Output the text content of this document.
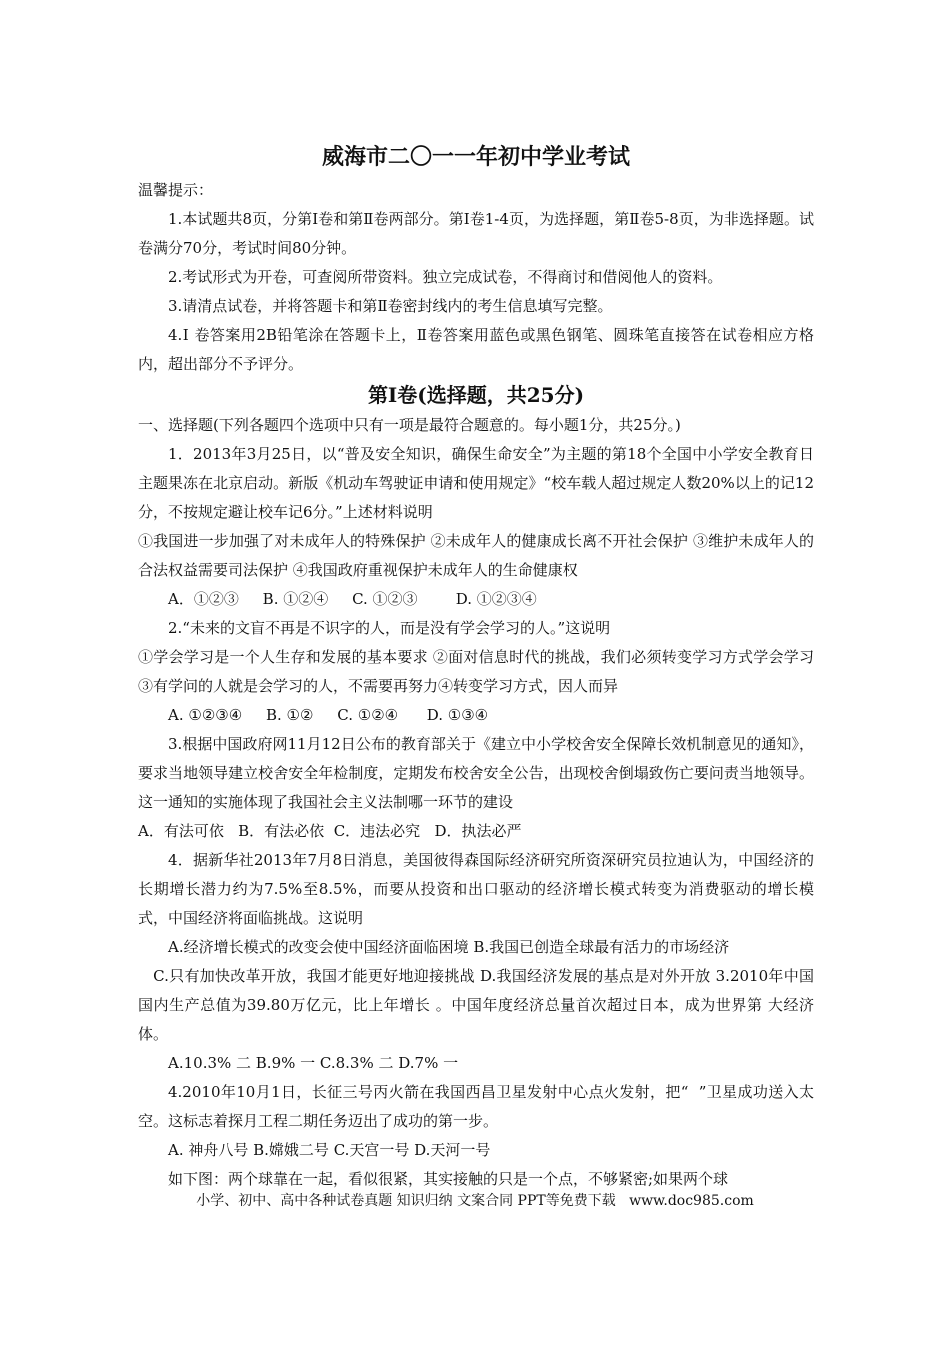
威海市二〇一一年初中学业考试

温馨提示：

1.本试题共8页，分第Ⅰ卷和第Ⅱ卷两部分。第Ⅰ卷1-4页，为选择题，第Ⅱ卷5-8页，为非选择题。试卷满分70分，考试时间80分钟。

2.考试形式为开卷，可查阅所带资料。独立完成试卷，不得商讨和借阅他人的资料。

3.请清点试卷，并将答题卡和第Ⅱ卷密封线内的考生信息填写完整。

4.Ⅰ 卷答案用2B铅笔涂在答题卡上，Ⅱ卷答案用蓝色或黑色钢笔、圆珠笔直接答在试卷相应方格内，超出部分不予评分。

第Ⅰ卷(选择题，共25分)

一、选择题(下列各题四个选项中只有一项是最符合题意的。每小题1分，共25分。)

1．2013年3月25日，以“普及安全知识，确保生命安全”为主题的第18个全国中小学安全教育日主题果冻在北京启动。新版《机动车驾驶证申请和使用规定》“校车载人超过规定人数20%以上的记12分，不按规定避让校车记6分。”上述材料说明

①我国进一步加强了对未成年人的特殊保护 ②未成年人的健康成长离不开社会保护 ③维护未成年人的合法权益需要司法保护 ④我国政府重视保护未成年人的生命健康权

A．①②③     B. ①②④     C. ①②③        D. ①②③④

2.“未来的文盲不再是不识字的人，而是没有学会学习的人。”这说明

①学会学习是一个人生存和发展的基本要求 ②面对信息时代的挑战，我们必须转变学习方式学会学习 ③有学问的人就是会学习的人，不需要再努力④转变学习方式，因人而异

A. ①②③④     B. ①②     C. ①②④      D. ①③④

3.根据中国政府网11月12日公布的教育部关于《建立中小学校舍安全保障长效机制意见的通知》，要求当地领导建立校舍安全年检制度，定期发布校舍安全公告，出现校舍倒塌致伤亡要问责当地领导。 这一通知的实施体现了我国社会主义法制哪一环节的建设

A．有法可依   B．有法必依  C．违法必究   D．执法必严

4．据新华社2013年7月8日消息，美国彼得森国际经济研究所资深研究员拉迪认为，中国经济的长期增长潜力约为7.5%至8.5%，而要从投资和出口驱动的经济增长模式转变为消费驱动的增长模式，中国经济将面临挑战。这说明

A.经济增长模式的改变会使中国经济面临困境 B.我国已创造全球最有活力的市场经济

C.只有加快改革开放，我国才能更好地迎接挑战 D.我国经济发展的基点是对外开放 3.2010年中国国内生产总值为39.80万亿元，比上年增长 。中国年度经济总量首次超过日本，成为世界第 大经济体。

A.10.3% 二 B.9% 一 C.8.3% 二 D.7% 一

4.2010年10月1日，长征三号丙火箭在我国西昌卫星发射中心点火发射，把“  ”卫星成功送入太空。这标志着探月工程二期任务迈出了成功的第一步。

A. 神舟八号 B.嫦娥二号 C.天宫一号 D.天河一号

如下图：两个球靠在一起，看似很紧，其实接触的只是一个点，不够紧密;如果两个球

小学、初中、高中各种试卷真题 知识归纳 文案合同 PPT等免费下载   www.doc985.com
